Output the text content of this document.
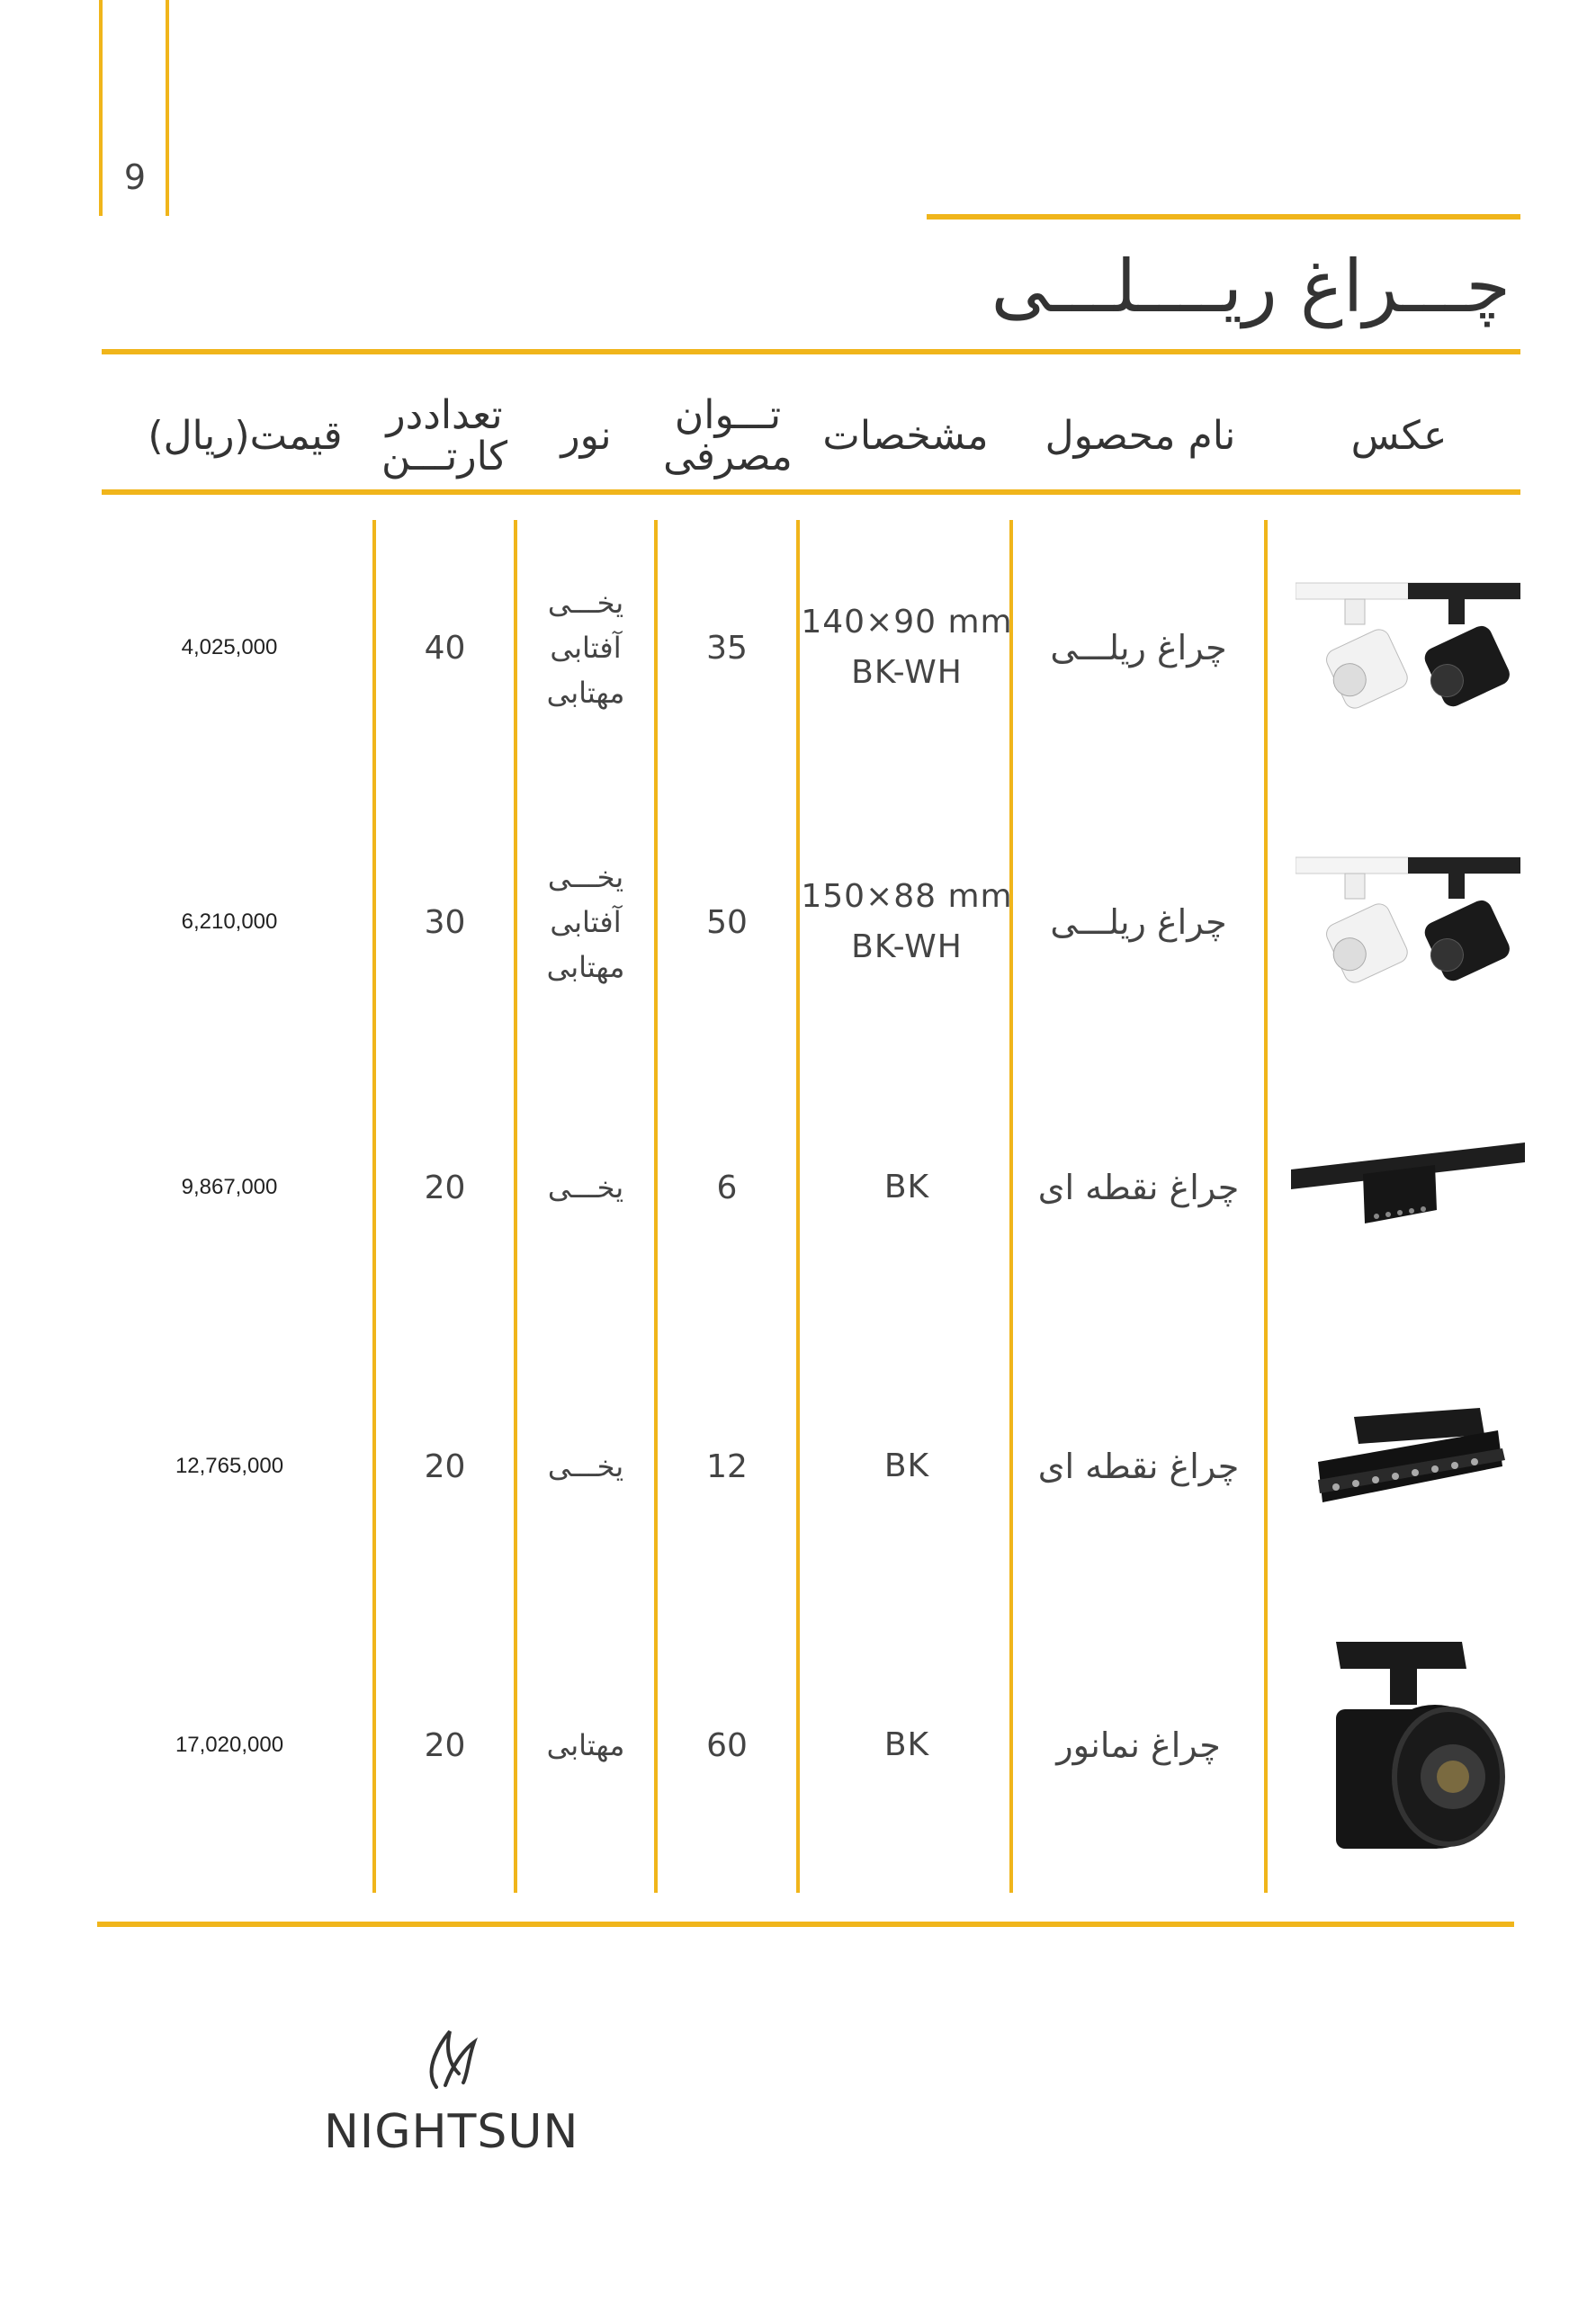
9
چـــراغ ریــــلـــی
عکس
نام محصول
مشخصات
تـــوان
مصرفی
نور
تعداددر
کارتـــن
قیمت(ریال)
چراغ ریلـــی
140×90 mm
BK-WH
35
یخـــی
آفتابی
مهتابی
40
4,025,000
چراغ ریلـــی
150×88 mm
BK-WH
50
یخـــی
آفتابی
مهتابی
30
6,210,000
چراغ نقطه ای
BK
6
یخـــی
20
9,867,000
چراغ نقطه ای
BK
12
یخـــی
20
12,765,000
چراغ نمانور
BK
60
مهتابی
20
17,020,000
NIGHTSUN
